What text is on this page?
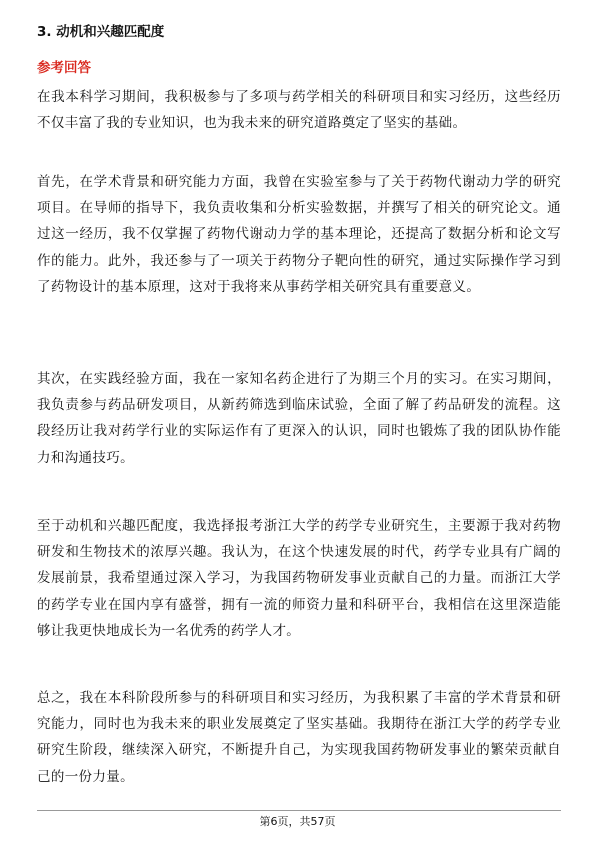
3. 动机和兴趣匹配度
参考回答

在我本科学习期间，我积极参与了多项与药学相关的科研项目和实习经历，这些经历不仅丰富了我的专业知识，也为我未来的研究道路奠定了坚实的基础。

首先，在学术背景和研究能力方面，我曾在实验室参与了关于药物代谢动力学的研究项目。在导师的指导下，我负责收集和分析实验数据，并撰写了相关的研究论文。通过这一经历，我不仅掌握了药物代谢动力学的基本理论，还提高了数据分析和论文写作的能力。此外，我还参与了一项关于药物分子靶向性的研究，通过实际操作学习到了药物设计的基本原理，这对于我将来从事药学相关研究具有重要意义。

其次，在实践经验方面，我在一家知名药企进行了为期三个月的实习。在实习期间，我负责参与药品研发项目，从新药筛选到临床试验，全面了解了药品研发的流程。这段经历让我对药学行业的实际运作有了更深入的认识，同时也锻炼了我的团队协作能力和沟通技巧。

至于动机和兴趣匹配度，我选择报考浙江大学的药学专业研究生，主要源于我对药物研发和生物技术的浓厚兴趣。我认为，在这个快速发展的时代，药学专业具有广阔的发展前景，我希望通过深入学习，为我国药物研发事业贡献自己的力量。而浙江大学的药学专业在国内享有盛誉，拥有一流的师资力量和科研平台，我相信在这里深造能够让我更快地成长为一名优秀的药学人才。

总之，我在本科阶段所参与的科研项目和实习经历，为我积累了丰富的学术背景和研究能力，同时也为我未来的职业发展奠定了坚实基础。我期待在浙江大学的药学专业研究生阶段，继续深入研究，不断提升自己，为实现我国药物研发事业的繁荣贡献自己的一份力量。

第6页，共57页
